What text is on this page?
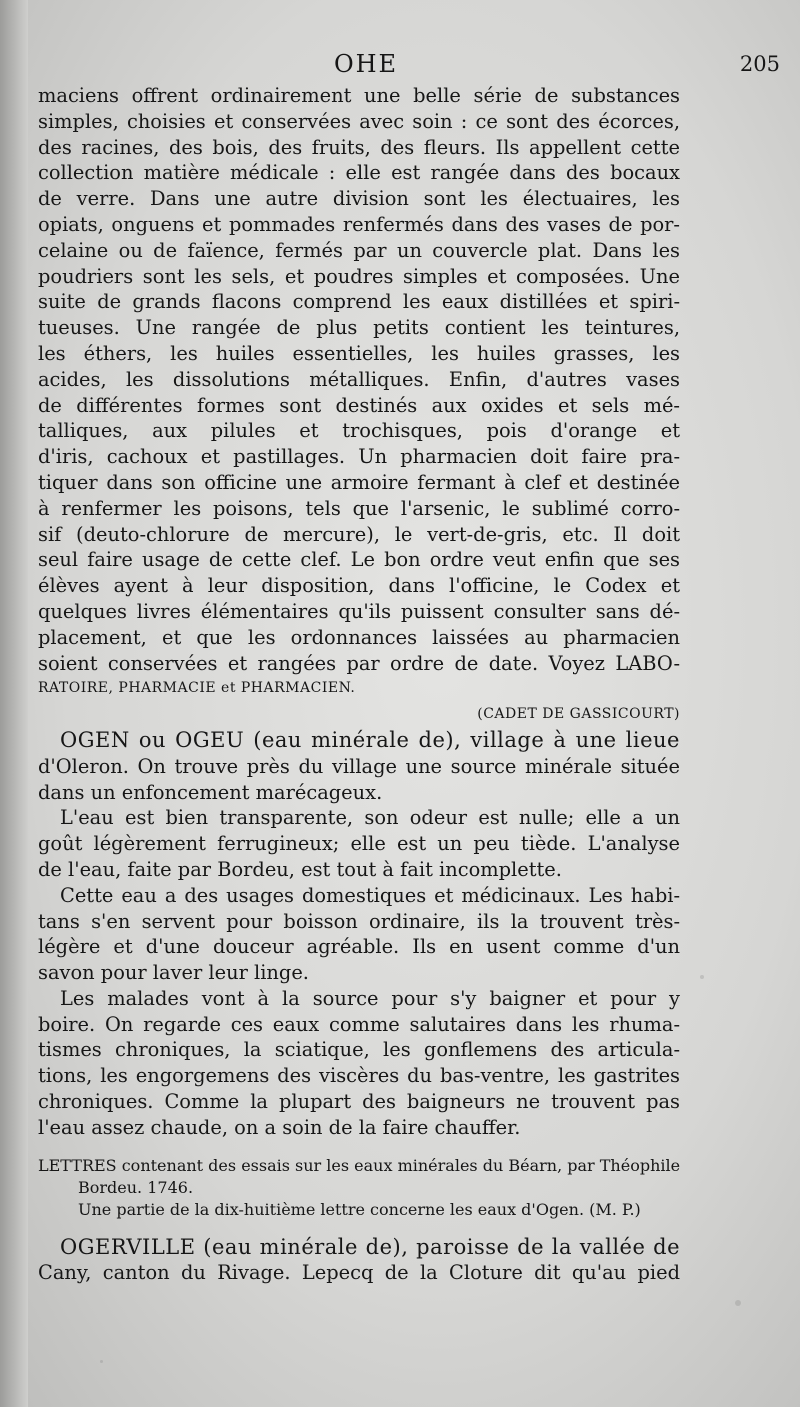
OHE	205
maciens offrent ordinairement une belle série de substances
simples, choisies et conservées avec soin : ce sont des écorces,
des racines, des bois, des fruits, des fleurs. Ils appellent cette
collection matière médicale : elle est rangée dans des bocaux
de verre. Dans une autre division sont les électuaires, les
opiats, onguens et pommades renfermés dans des vases de por-
celaine ou de faïence, fermés par un couvercle plat. Dans les
poudriers sont les sels, et poudres simples et composées. Une
suite de grands flacons comprend les eaux distillées et spiri-
tueuses. Une rangée de plus petits contient les teintures,
les éthers, les huiles essentielles, les huiles grasses, les
acides, les dissolutions métalliques. Enfin, d'autres vases
de différentes formes sont destinés aux oxides et sels mé-
talliques, aux pilules et trochisques, pois d'orange et
d'iris, cachoux et pastillages. Un pharmacien doit faire pra-
tiquer dans son officine une armoire fermant à clef et destinée
à renfermer les poisons, tels que l'arsenic, le sublimé corro-
sif (deuto-chlorure de mercure), le vert-de-gris, etc. Il doit
seul faire usage de cette clef. Le bon ordre veut enfin que ses
élèves ayent à leur disposition, dans l'officine, le Codex et
quelques livres élémentaires qu'ils puissent consulter sans dé-
placement, et que les ordonnances laissées au pharmacien
soient conservées et rangées par ordre de date. Voyez LABO-
RATOIRE, PHARMACIE et PHARMACIEN.
(CADET DE GASSICOURT)
OGEN ou OGEU (eau minérale de), village à une lieue
d'Oleron. On trouve près du village une source minérale située
dans un enfoncement marécageux.
L'eau est bien transparente, son odeur est nulle; elle a un
goût légèrement ferrugineux; elle est un peu tiède. L'analyse
de l'eau, faite par Bordeu, est tout à fait incomplette.
Cette eau a des usages domestiques et médicinaux. Les habi-
tans s'en servent pour boisson ordinaire, ils la trouvent très-
légère et d'une douceur agréable. Ils en usent comme d'un
savon pour laver leur linge.
Les malades vont à la source pour s'y baigner et pour y
boire. On regarde ces eaux comme salutaires dans les rhuma-
tismes chroniques, la sciatique, les gonflemens des articula-
tions, les engorgemens des viscères du bas-ventre, les gastrites
chroniques. Comme la plupart des baigneurs ne trouvent pas
l'eau assez chaude, on a soin de la faire chauffer.
LETTRES contenant des essais sur les eaux minérales du Béarn, par Théophile
Bordeu. 1746.
Une partie de la dix-huitième lettre concerne les eaux d'Ogen. (M. P.)
OGERVILLE (eau minérale de), paroisse de la vallée de
Cany, canton du Rivage. Lepecq de la Cloture dit qu'au pied
